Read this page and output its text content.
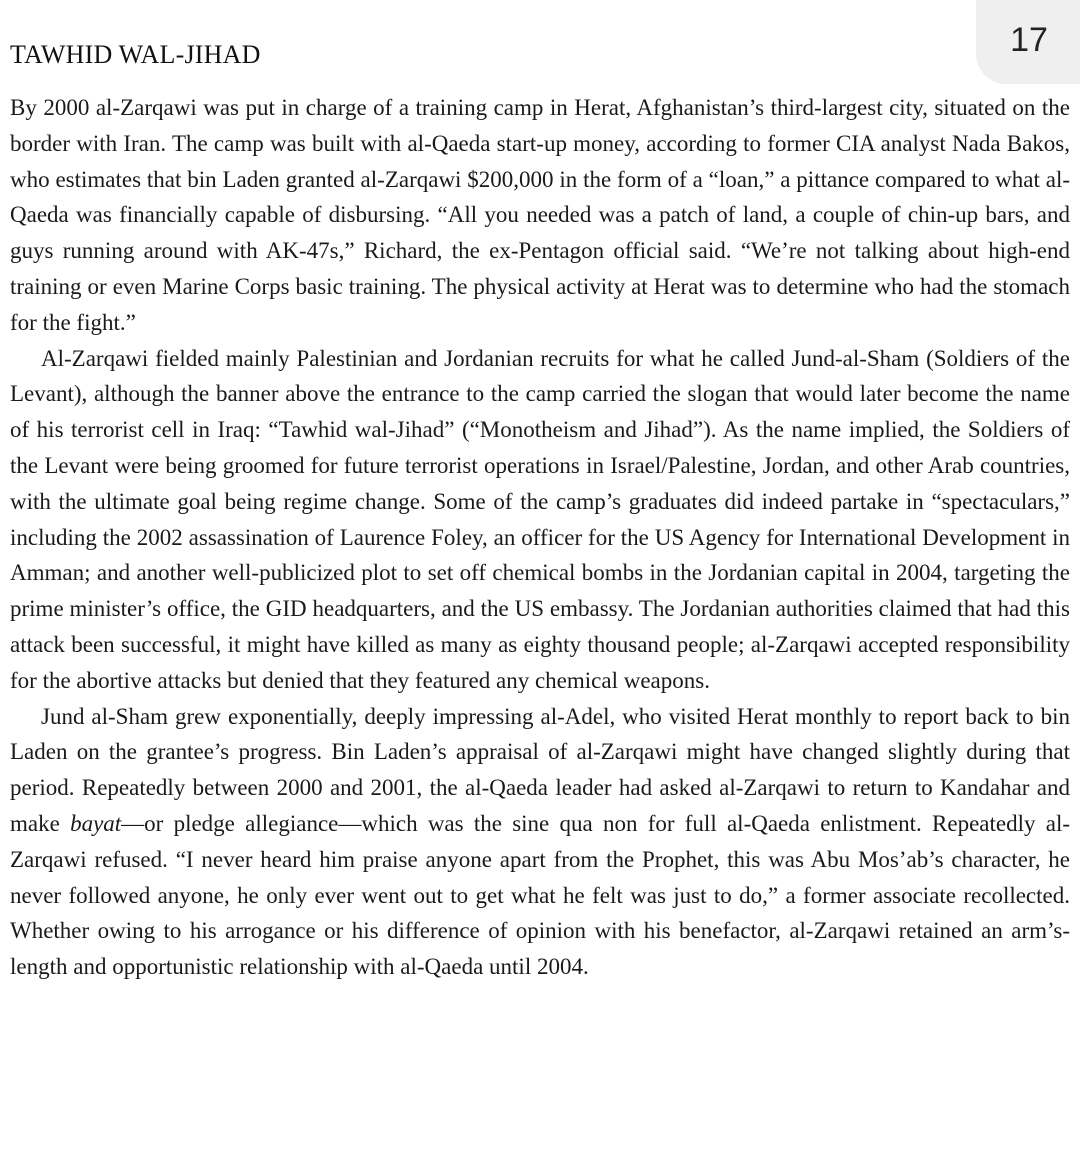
17
TAWHID WAL-JIHAD

By 2000 al-Zarqawi was put in charge of a training camp in Herat, Afghanistan’s third-largest city, situated on the border with Iran. The camp was built with al-Qaeda start-up money, according to former CIA analyst Nada Bakos, who estimates that bin Laden granted al-Zarqawi $200,000 in the form of a “loan,” a pittance compared to what al-Qaeda was financially capable of disbursing. “All you needed was a patch of land, a couple of chin-up bars, and guys running around with AK-47s,” Richard, the ex-Pentagon official said. “We’re not talking about high-end training or even Marine Corps basic training. The physical activity at Herat was to determine who had the stomach for the fight.”

Al-Zarqawi fielded mainly Palestinian and Jordanian recruits for what he called Jund-al-Sham (Soldiers of the Levant), although the banner above the entrance to the camp carried the slogan that would later become the name of his terrorist cell in Iraq: “Tawhid wal-Jihad” (“Monotheism and Jihad”). As the name implied, the Soldiers of the Levant were being groomed for future terrorist operations in Israel/Palestine, Jordan, and other Arab countries, with the ultimate goal being regime change. Some of the camp’s graduates did indeed partake in “spectaculars,” including the 2002 assassination of Laurence Foley, an officer for the US Agency for International Development in Amman; and another well-publicized plot to set off chemical bombs in the Jordanian capital in 2004, targeting the prime minister’s office, the GID headquarters, and the US embassy. The Jordanian authorities claimed that had this attack been successful, it might have killed as many as eighty thousand people; al-Zarqawi accepted responsibility for the abortive attacks but denied that they featured any chemical weapons.

Jund al-Sham grew exponentially, deeply impressing al-Adel, who visited Herat monthly to report back to bin Laden on the grantee’s progress. Bin Laden’s appraisal of al-Zarqawi might have changed slightly during that period. Repeatedly between 2000 and 2001, the al-Qaeda leader had asked al-Zarqawi to return to Kandahar and make bayat—or pledge allegiance—which was the sine qua non for full al-Qaeda enlistment. Repeatedly al-Zarqawi refused. “I never heard him praise anyone apart from the Prophet, this was Abu Mos’ab’s character, he never followed anyone, he only ever went out to get what he felt was just to do,” a former associate recollected. Whether owing to his arrogance or his difference of opinion with his benefactor, al-Zarqawi retained an arm’s-length and opportunistic relationship with al-Qaeda until 2004.
